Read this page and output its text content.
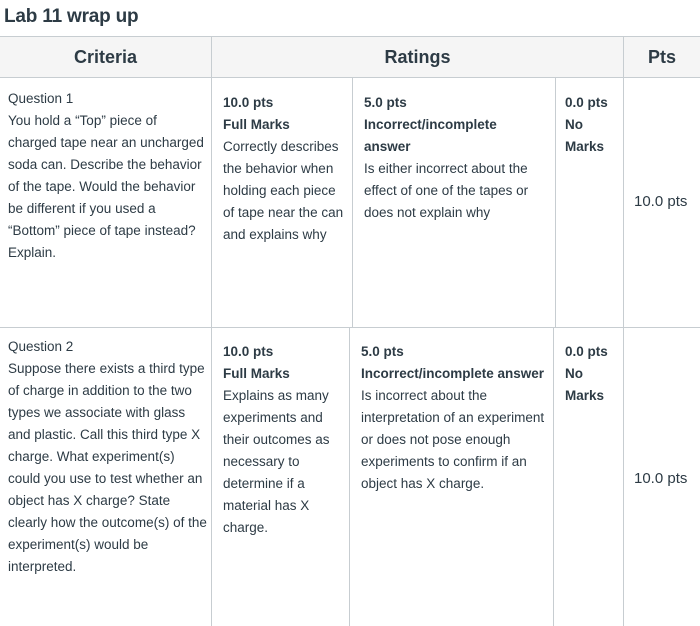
Lab 11 wrap up
Criteria	Ratings	Pts
Question 1
You hold a “Top” piece of charged tape near an uncharged soda can. Describe the behavior of the tape. Would the behavior be different if you used a “Bottom” piece of tape instead? Explain.
10.0 pts
Full Marks
Correctly describes the behavior when holding each piece of tape near the can and explains why
5.0 pts
Incorrect/incomplete answer
Is either incorrect about the effect of one of the tapes or does not explain why
0.0 pts
No Marks
10.0 pts
Question 2
Suppose there exists a third type of charge in addition to the two types we associate with glass and plastic. Call this third type X charge. What experiment(s) could you use to test whether an object has X charge? State clearly how the outcome(s) of the experiment(s) would be interpreted.
10.0 pts
Full Marks
Explains as many experiments and their outcomes as necessary to determine if a material has X charge.
5.0 pts
Incorrect/incomplete answer
Is incorrect about the interpretation of an experiment or does not pose enough experiments to confirm if an object has X charge.
0.0 pts
No Marks
10.0 pts
